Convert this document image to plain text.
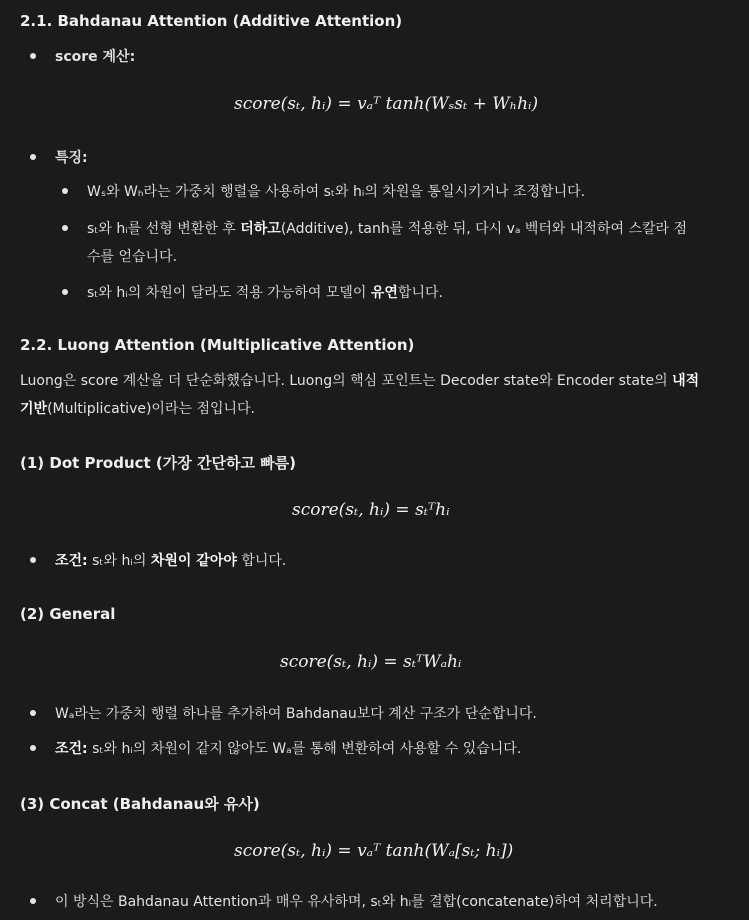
2.1. Bahdanau Attention (Additive Attention)
score 계산:
score(sₜ, hᵢ) = vₐᵀ tanh(Wₛsₜ + Wₕhᵢ)
특징:
Wₛ와 Wₕ라는 가중치 행렬을 사용하여 sₜ와 hᵢ의 차원을 통일시키거나 조정합니다.
sₜ와 hᵢ를 선형 변환한 후 더하고(Additive), tanh를 적용한 뒤, 다시 vₐ 벡터와 내적하여 스칼라 점
수를 얻습니다.
sₜ와 hᵢ의 차원이 달라도 적용 가능하여 모델이 유연합니다.
2.2. Luong Attention (Multiplicative Attention)
Luong은 score 계산을 더 단순화했습니다. Luong의 핵심 포인트는 Decoder state와 Encoder state의 내적
기반(Multiplicative)이라는 점입니다.
(1) Dot Product (가장 간단하고 빠름)
score(sₜ, hᵢ) = sₜᵀhᵢ
조건: sₜ와 hᵢ의 차원이 같아야 합니다.
(2) General
score(sₜ, hᵢ) = sₜᵀWₐhᵢ
Wₐ라는 가중치 행렬 하나를 추가하여 Bahdanau보다 계산 구조가 단순합니다.
조건: sₜ와 hᵢ의 차원이 같지 않아도 Wₐ를 통해 변환하여 사용할 수 있습니다.
(3) Concat (Bahdanau와 유사)
score(sₜ, hᵢ) = vₐᵀ tanh(Wₐ[sₜ; hᵢ])
이 방식은 Bahdanau Attention과 매우 유사하며, sₜ와 hᵢ를 결합(concatenate)하여 처리합니다.
